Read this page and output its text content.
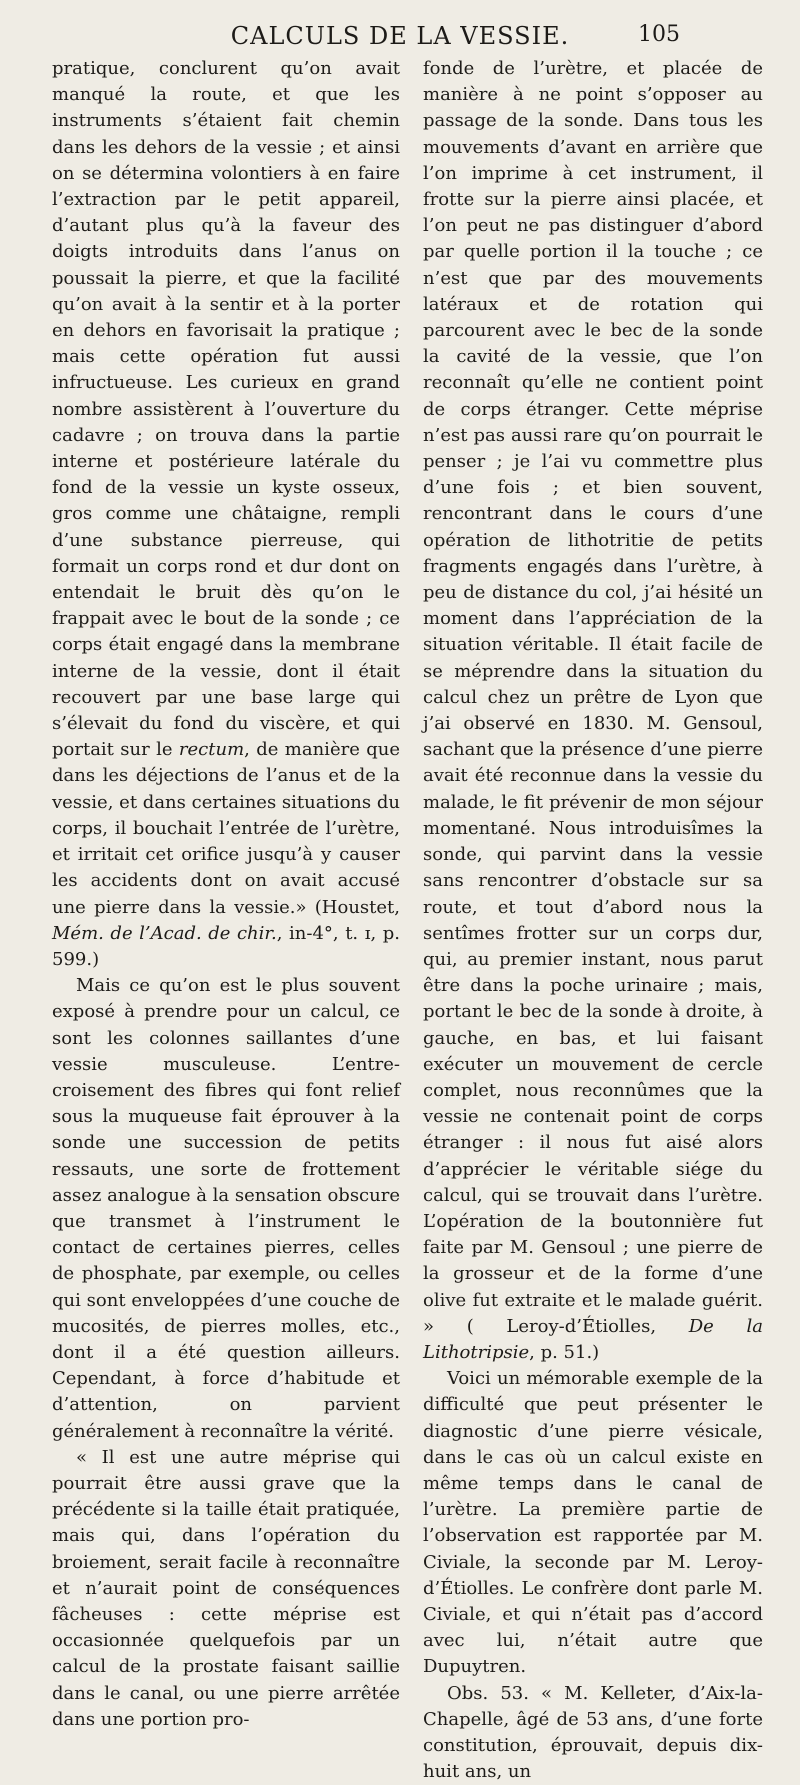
CALCULS DE LA VESSIE.	105

pratique, conclurent qu’on avait manqué la route, et que les instruments s’étaient fait chemin dans les dehors de la vessie ; et ainsi on se détermina volontiers à en faire l’extraction par le petit appareil, d’autant plus qu’à la faveur des doigts introduits dans l’anus on poussait la pierre, et que la facilité qu’on avait à la sentir et à la porter en dehors en favorisait la pratique ; mais cette opération fut aussi infructueuse. Les curieux en grand nombre assistèrent à l’ouverture du cadavre ; on trouva dans la partie interne et postérieure latérale du fond de la vessie un kyste osseux, gros comme une châtaigne, rempli d’une substance pierreuse, qui formait un corps rond et dur dont on entendait le bruit dès qu’on le frappait avec le bout de la sonde ; ce corps était engagé dans la membrane interne de la vessie, dont il était recouvert par une base large qui s’élevait du fond du viscère, et qui portait sur le rectum, de manière que dans les déjections de l’anus et de la vessie, et dans certaines situations du corps, il bouchait l’entrée de l’urètre, et irritait cet orifice jusqu’à y causer les accidents dont on avait accusé une pierre dans la vessie.» (Houstet, Mém. de l’Acad. de chir., in-4°, t. ɪ, p. 599.)

Mais ce qu’on est le plus souvent exposé à prendre pour un calcul, ce sont les colonnes saillantes d’une vessie musculeuse. L’entre-croisement des fibres qui font relief sous la muqueuse fait éprouver à la sonde une succession de petits ressauts, une sorte de frottement assez analogue à la sensation obscure que transmet à l’instrument le contact de certaines pierres, celles de phosphate, par exemple, ou celles qui sont enveloppées d’une couche de mucosités, de pierres molles, etc., dont il a été question ailleurs. Cependant, à force d’habitude et d’attention, on parvient généralement à reconnaître la vérité.

« Il est une autre méprise qui pourrait être aussi grave que la précédente si la taille était pratiquée, mais qui, dans l’opération du broiement, serait facile à reconnaître et n’aurait point de conséquences fâcheuses : cette méprise est occasionnée quelquefois par un calcul de la prostate faisant saillie dans le canal, ou une pierre arrêtée dans une portion pro-

fonde de l’urètre, et placée de manière à ne point s’opposer au passage de la sonde. Dans tous les mouvements d’avant en arrière que l’on imprime à cet instrument, il frotte sur la pierre ainsi placée, et l’on peut ne pas distinguer d’abord par quelle portion il la touche ; ce n’est que par des mouvements latéraux et de rotation qui parcourent avec le bec de la sonde la cavité de la vessie, que l’on reconnaît qu’elle ne contient point de corps étranger. Cette méprise n’est pas aussi rare qu’on pourrait le penser ; je l’ai vu commettre plus d’une fois ; et bien souvent, rencontrant dans le cours d’une opération de lithotritie de petits fragments engagés dans l’urètre, à peu de distance du col, j’ai hésité un moment dans l’appréciation de la situation véritable. Il était facile de se méprendre dans la situation du calcul chez un prêtre de Lyon que j’ai observé en 1830. M. Gensoul, sachant que la présence d’une pierre avait été reconnue dans la vessie du malade, le fit prévenir de mon séjour momentané. Nous introduisîmes la sonde, qui parvint dans la vessie sans rencontrer d’obstacle sur sa route, et tout d’abord nous la sentîmes frotter sur un corps dur, qui, au premier instant, nous parut être dans la poche urinaire ; mais, portant le bec de la sonde à droite, à gauche, en bas, et lui faisant exécuter un mouvement de cercle complet, nous reconnûmes que la vessie ne contenait point de corps étranger : il nous fut aisé alors d’apprécier le véritable siége du calcul, qui se trouvait dans l’urètre. L’opération de la boutonnière fut faite par M. Gensoul ; une pierre de la grosseur et de la forme d’une olive fut extraite et le malade guérit. » ( Leroy-d’Étiolles, De la Lithotripsie, p. 51.)

Voici un mémorable exemple de la difficulté que peut présenter le diagnostic d’une pierre vésicale, dans le cas où un calcul existe en même temps dans le canal de l’urètre. La première partie de l’observation est rapportée par M. Civiale, la seconde par M. Leroy-d’Étiolles. Le confrère dont parle M. Civiale, et qui n’était pas d’accord avec lui, n’était autre que Dupuytren.

Obs. 53. « M. Kelleter, d’Aix-la-Chapelle, âgé de 53 ans, d’une forte constitution, éprouvait, depuis dix-huit ans, un
